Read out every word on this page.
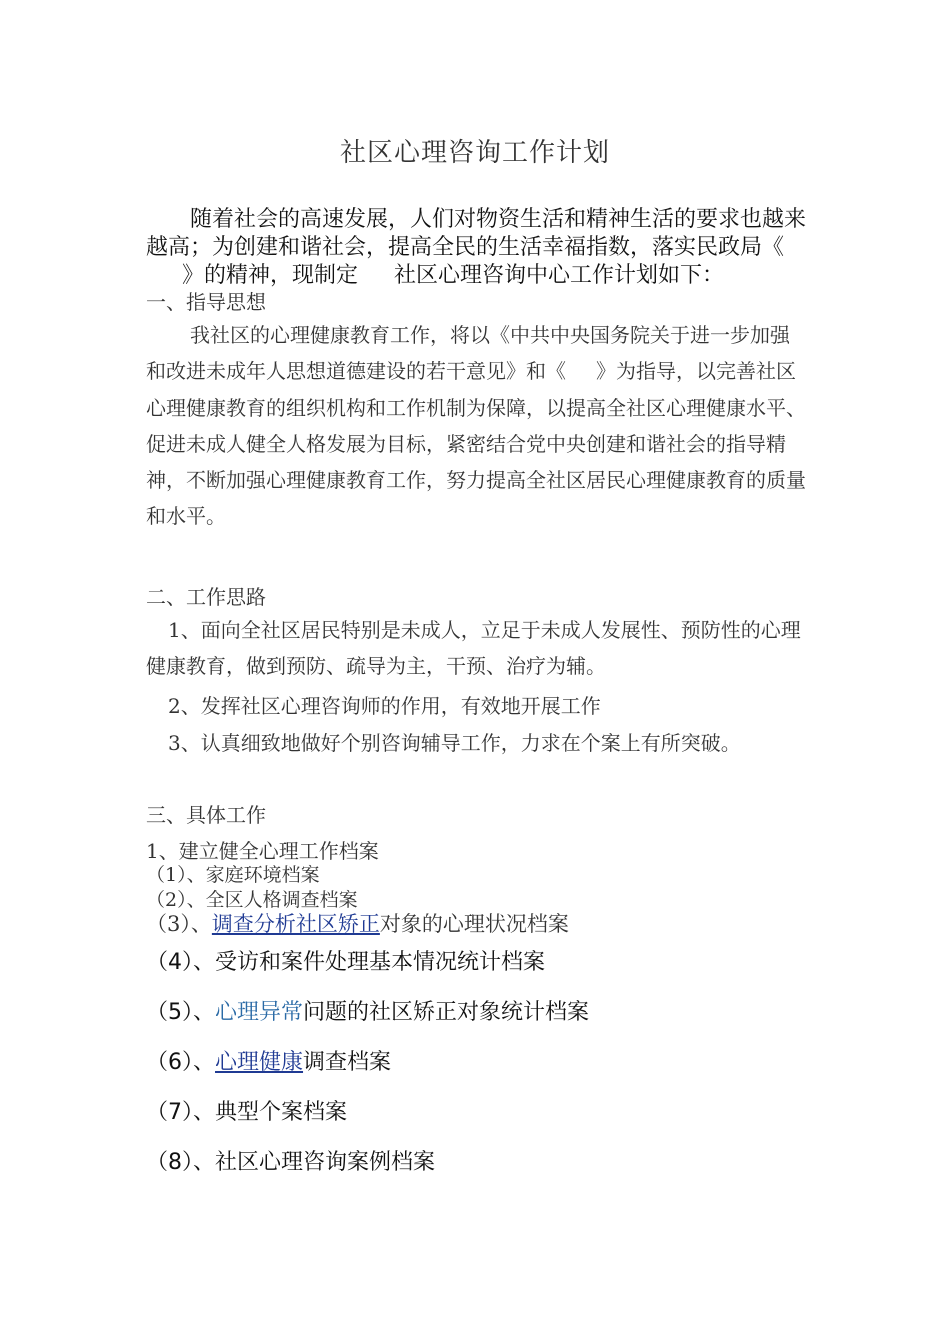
社区心理咨询工作计划
随着社会的高速发展，人们对物资生活和精神生活的要求也越来越高；为创建和谐社会，提高全民的生活幸福指数，落实民政局《》的精神，现制定 社区心理咨询中心工作计划如下：
一、指导思想
我社区的心理健康教育工作，将以《中共中央国务院关于进一步加强和改进未成年人思想道德建设的若干意见》和《 》为指导，以完善社区心理健康教育的组织机构和工作机制为保障，以提高全社区心理健康水平、促进未成人健全人格发展为目标，紧密结合党中央创建和谐社会的指导精神，不断加强心理健康教育工作，努力提高全社区居民心理健康教育的质量和水平。
二、工作思路
1、面向全社区居民特别是未成人，立足于未成人发展性、预防性的心理健康教育，做到预防、疏导为主，干预、治疗为辅。
2、发挥社区心理咨询师的作用，有效地开展工作
3、认真细致地做好个别咨询辅导工作，力求在个案上有所突破。
三、具体工作
1、建立健全心理工作档案
（1）、家庭环境档案
（2）、全区人格调查档案
（3）、调查分析社区矫正对象的心理状况档案
（4）、受访和案件处理基本情况统计档案
（5）、心理异常问题的社区矫正对象统计档案
（6）、心理健康调查档案
（7）、典型个案档案
（8）、社区心理咨询案例档案
